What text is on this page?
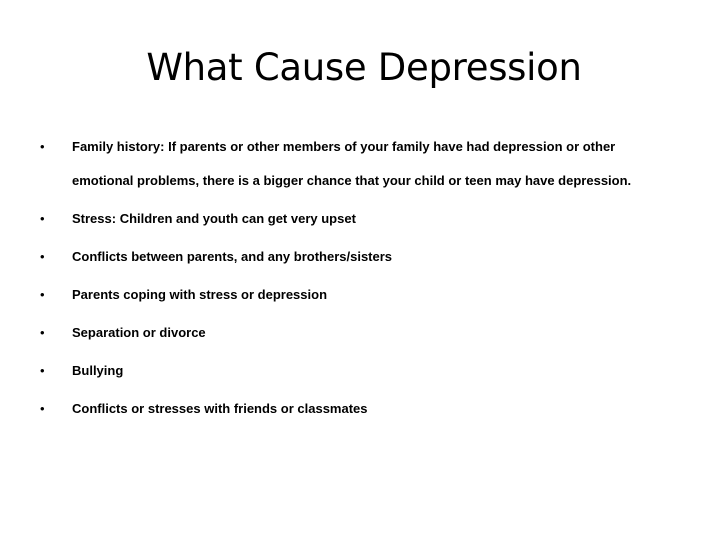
What Cause Depression
• Family history: If parents or other members of your family have had depression or other
emotional problems, there is a bigger chance that your child or teen may have depression.
• Stress: Children and youth can get very upset
• Conflicts between parents, and any brothers/sisters
• Parents coping with stress or depression
• Separation or divorce
• Bullying
• Conflicts or stresses with friends or classmates
